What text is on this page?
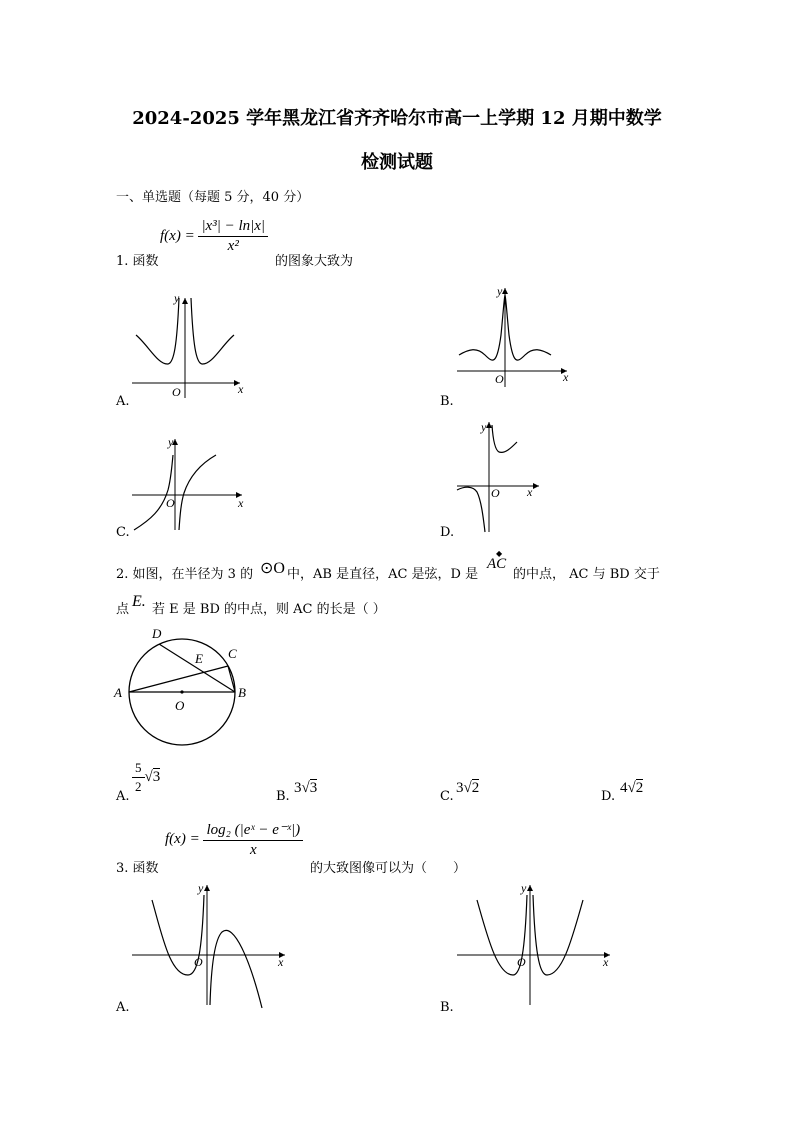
2024-2025 学年黑龙江省齐齐哈尔市高一上学期 12 月期中数学
检测试题
一、单选题（每题 5 分，40 分）
1. 函数
$f(x) = \frac{\text{|x³| − ln|x|}}{\text{x²}}$
的图象大致为
y
x
O
A.
y
x
O
B.
y
x
O
C.
y
x
O
D.
2. 如图，在半径为 3 的 ⊙O 中，AB 是直径，AC 是弦，D 是
AC
◆
的中点， AC 与 BD 交于
点 E. 若 E 是 BD 的中点，则 AC 的长是（ ）
A	B
C
D
E
O
A.
$\frac{5}{2} √3$
B.
3√3
C.
3√2
D.
4√2
3. 函数
$f(x) = \frac{\text{log₂ (|eˣ − e⁻ˣ|)}}{x}$
的大致图像可以为（　　）
y
x
O
A.
y
x
O
B.
